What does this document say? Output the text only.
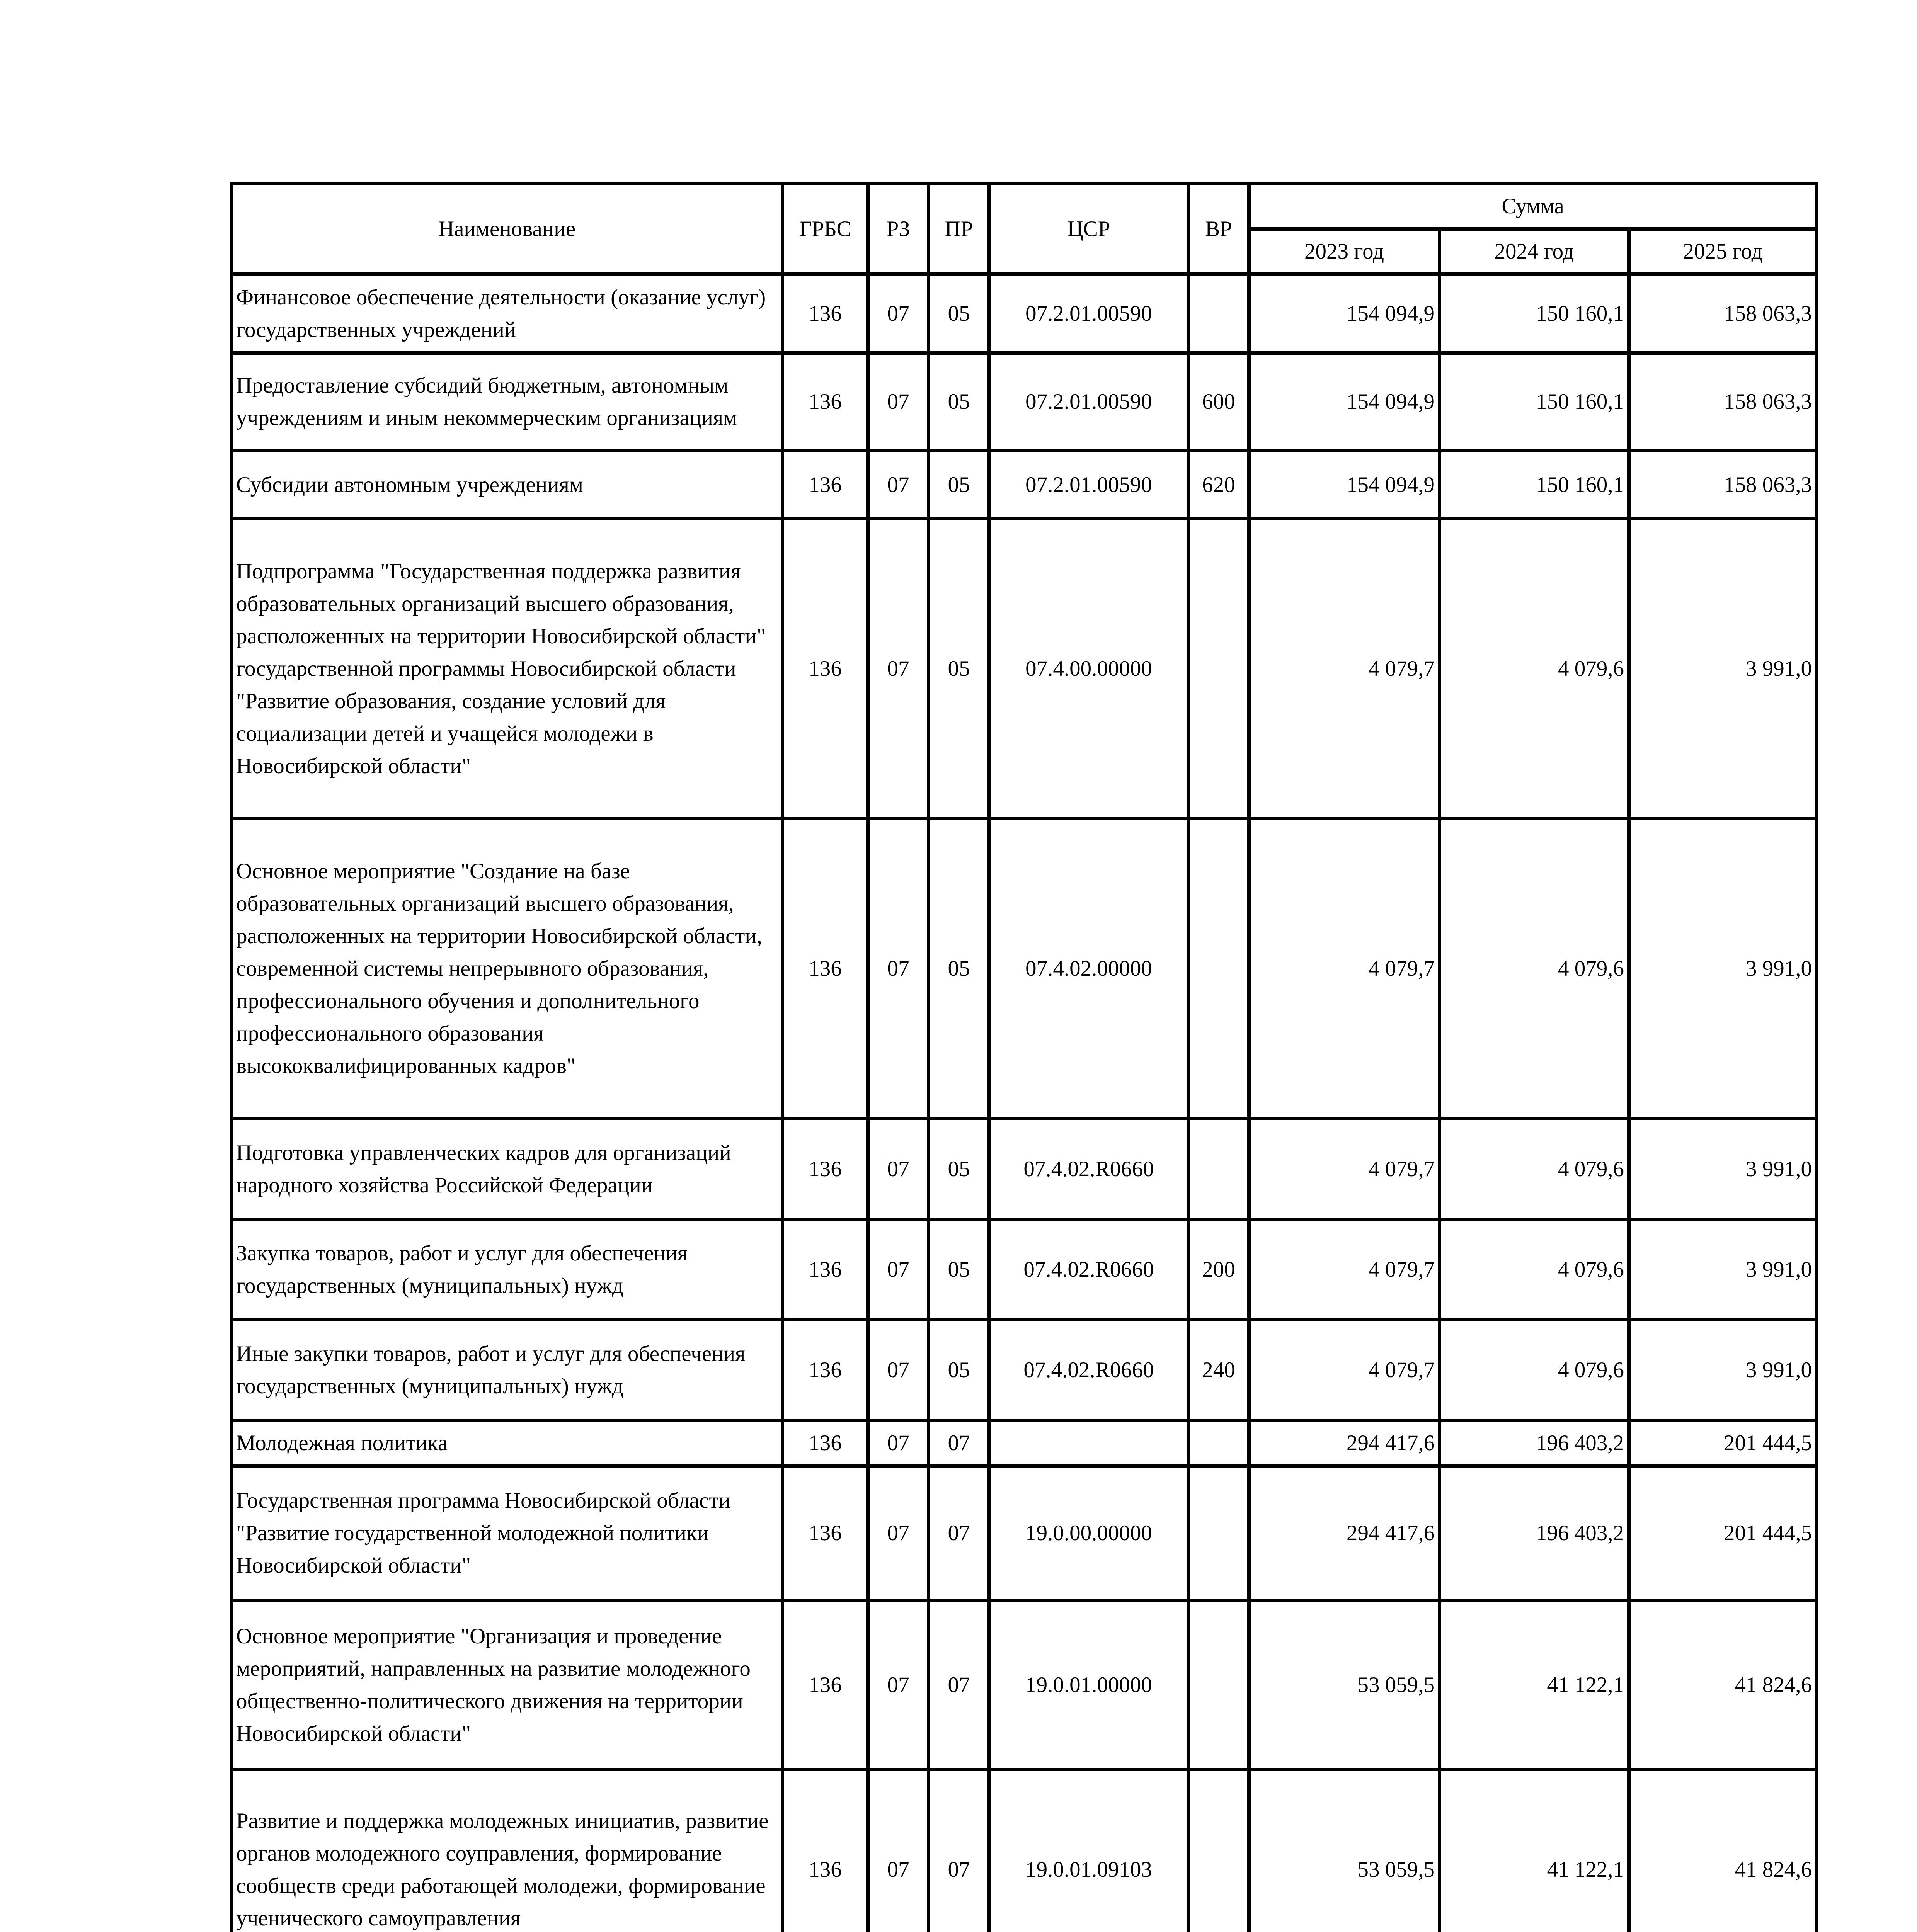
Наименование	ГРБС	РЗ	ПР	ЦСР	ВР	Сумма		
						2023 год	2024 год	2025 год
Финансовое обеспечение деятельности (оказание услуг) государственных учреждений	136	07	05	07.2.01.00590		154 094,9	150 160,1	158 063,3
Предоставление субсидий бюджетным, автономным учреждениям и иным некоммерческим организациям	136	07	05	07.2.01.00590	600	154 094,9	150 160,1	158 063,3
Субсидии автономным учреждениям	136	07	05	07.2.01.00590	620	154 094,9	150 160,1	158 063,3
Подпрограмма "Государственная поддержка развития образовательных организаций высшего образования, расположенных на территории Новосибирской области" государственной программы Новосибирской области "Развитие образования, создание условий для социализации детей и учащейся молодежи в Новосибирской области"	136	07	05	07.4.00.00000		4 079,7	4 079,6	3 991,0
Основное мероприятие "Создание на базе образовательных организаций высшего образования, расположенных на территории Новосибирской области, современной системы непрерывного образования, профессионального обучения и дополнительного профессионального образования высококвалифицированных кадров"	136	07	05	07.4.02.00000		4 079,7	4 079,6	3 991,0
Подготовка управленческих кадров для организаций народного хозяйства Российской Федерации	136	07	05	07.4.02.R0660		4 079,7	4 079,6	3 991,0
Закупка товаров, работ и услуг для обеспечения государственных (муниципальных) нужд	136	07	05	07.4.02.R0660	200	4 079,7	4 079,6	3 991,0
Иные закупки товаров, работ и услуг для обеспечения государственных (муниципальных) нужд	136	07	05	07.4.02.R0660	240	4 079,7	4 079,6	3 991,0
Молодежная политика	136	07	07			294 417,6	196 403,2	201 444,5
Государственная программа Новосибирской области "Развитие государственной молодежной политики Новосибирской области"	136	07	07	19.0.00.00000		294 417,6	196 403,2	201 444,5
Основное мероприятие "Организация и проведение мероприятий, направленных на развитие молодежного общественно-политического движения на территории Новосибирской области"	136	07	07	19.0.01.00000		53 059,5	41 122,1	41 824,6
Развитие и поддержка молодежных инициатив, развитие органов молодежного соуправления, формирование сообществ среди работающей молодежи, формирование ученического самоуправления	136	07	07	19.0.01.09103		53 059,5	41 122,1	41 824,6
